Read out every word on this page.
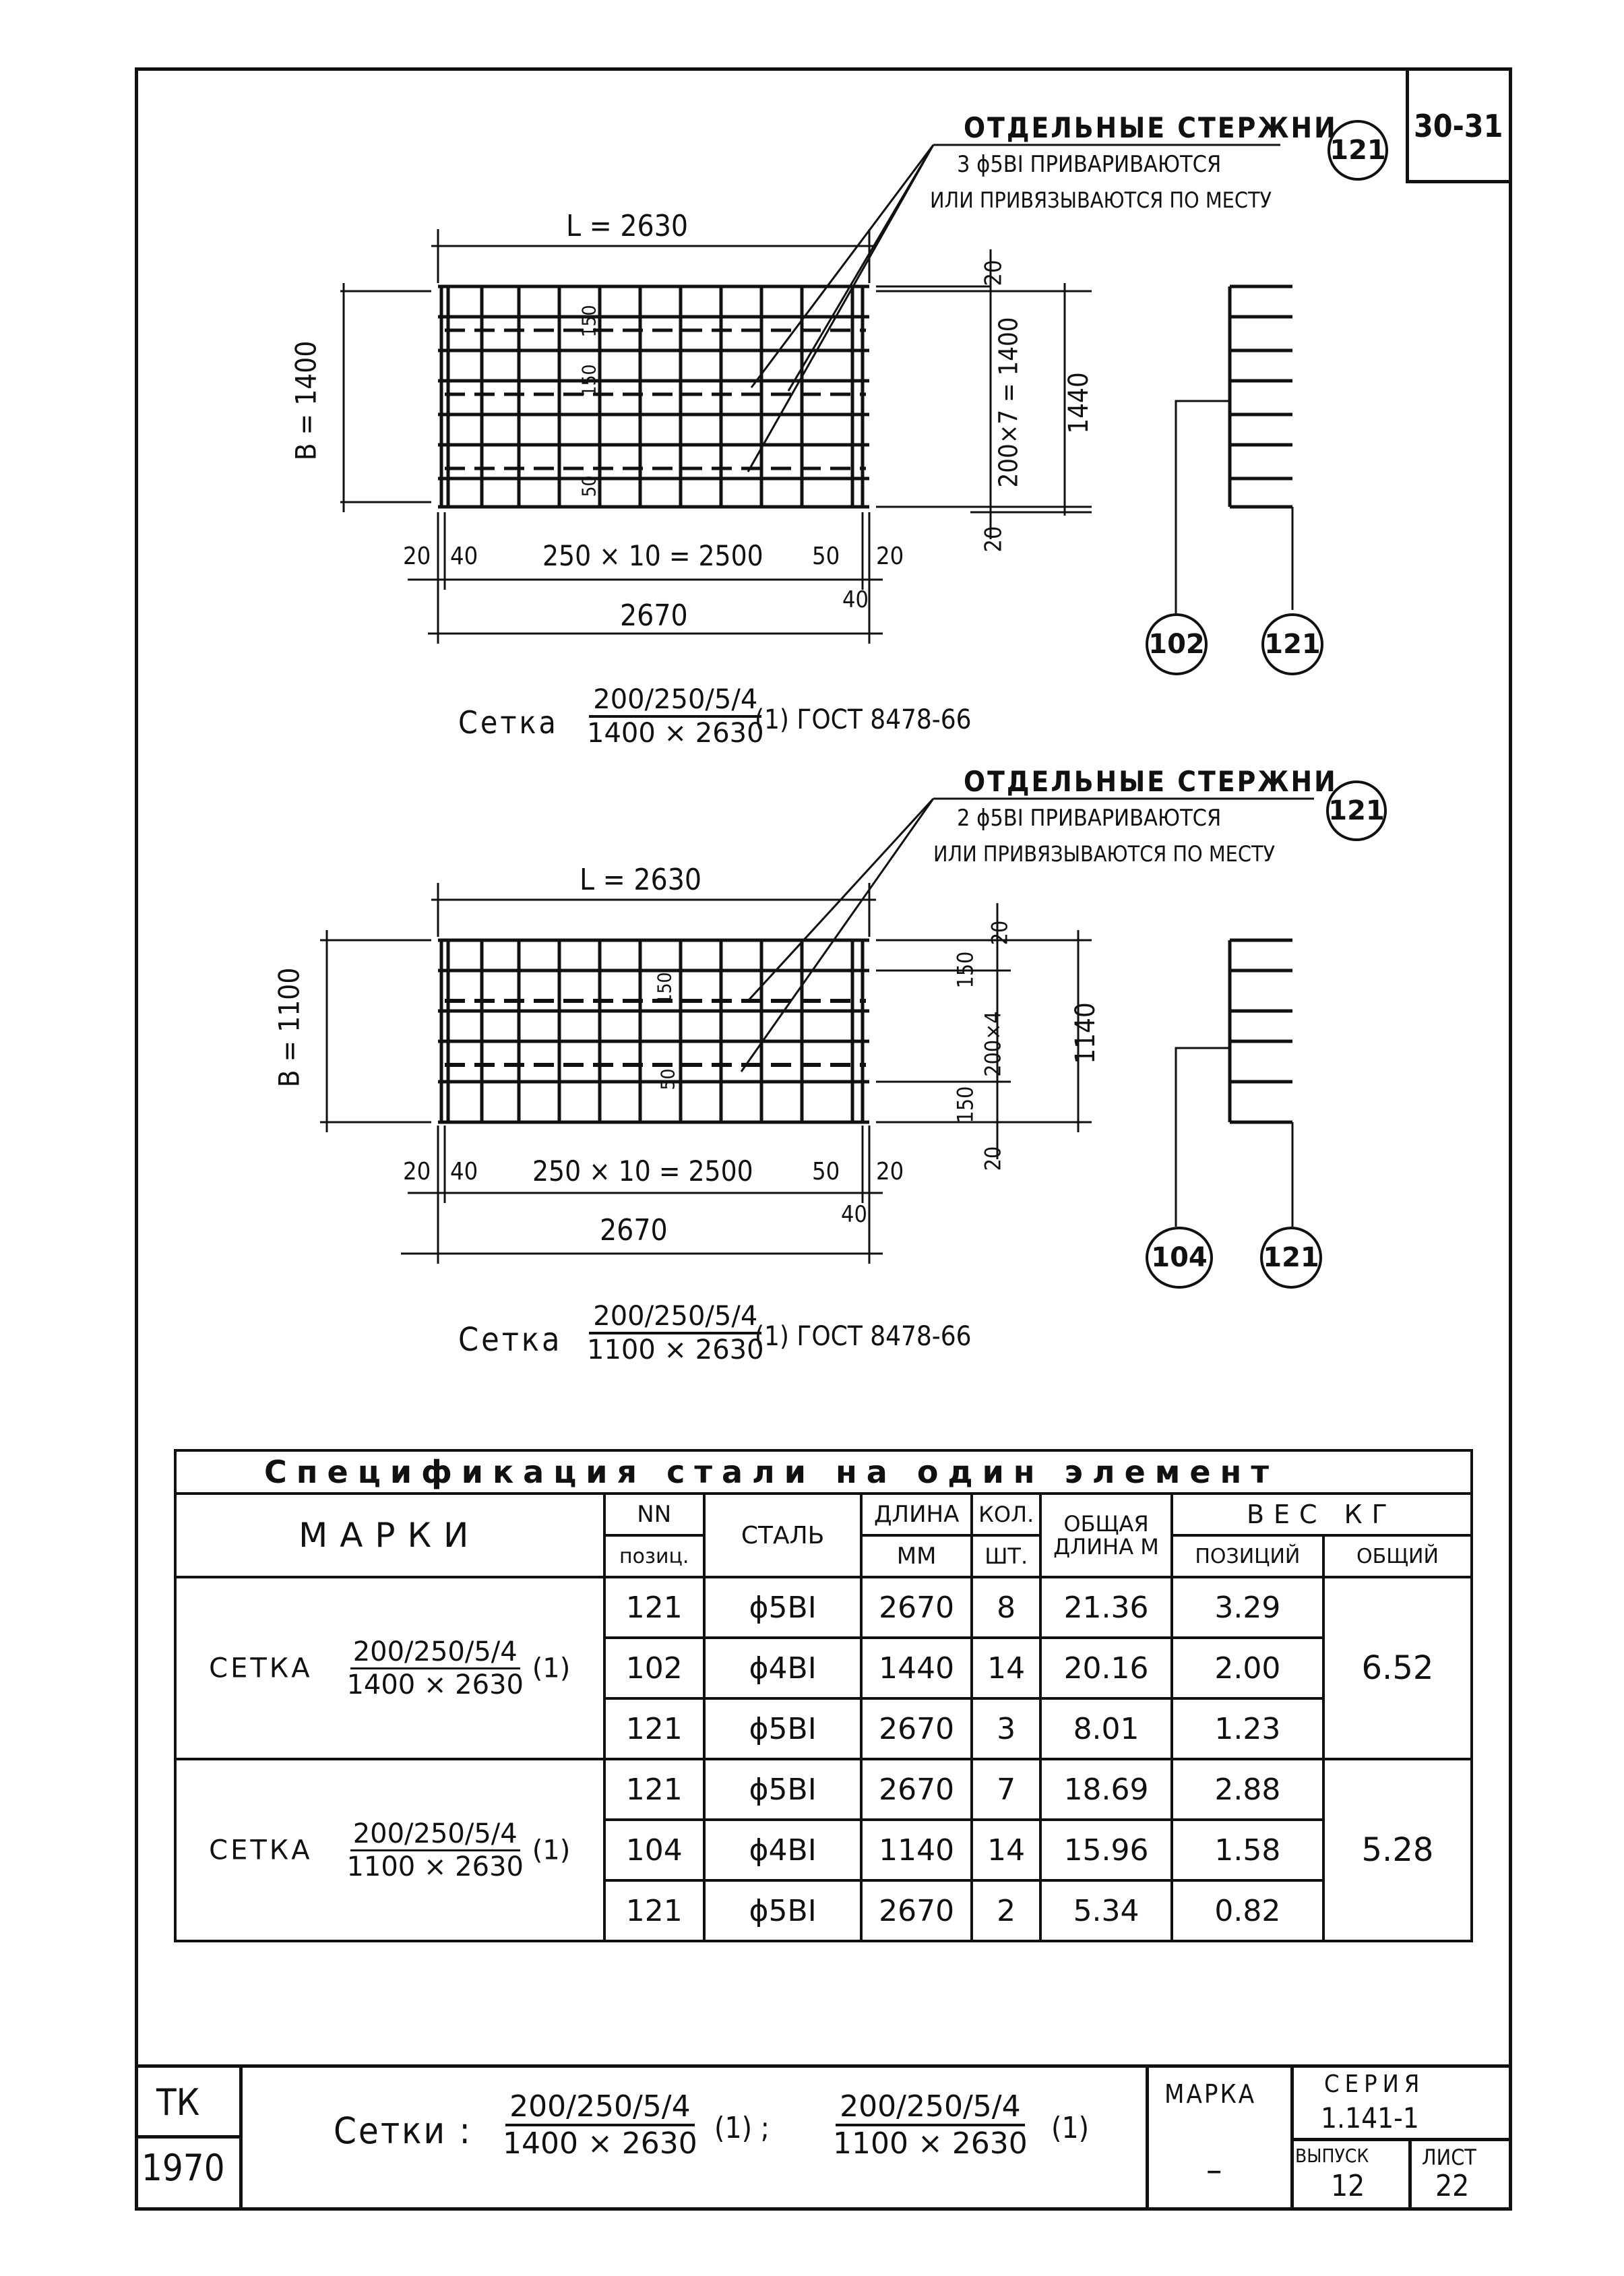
30-31
ОТДЕЛЬНЫЕ СТЕРЖНИ
3 ϕ5ВI ПРИВАРИВАЮТСЯ
ИЛИ ПРИВЯЗЫВАЮТСЯ ПО МЕСТУ
121
L = 2630
B = 1400
20
200×7 = 1400
20
1440
150
150
50
20 40 250 × 10 = 2500 50 20
40
2670
102 121
Сетка $\frac{200/250/5/4}{1400 \times 2630}$
(1) ГОСТ 8478-66
ОТДЕЛЬНЫЕ СТЕРЖНИ
2 ϕ5ВI ПРИВАРИВАЮТСЯ
ИЛИ ПРИВЯЗЫВАЮТСЯ ПО МЕСТУ
121
L = 2630
B = 1100
20
150
200×4
150
20
1140
150
50
20 40 250 × 10 = 2500 50 20
40
2670
104 121
Сетка $\frac{200/250/5/4}{1100 \times 2630}$
(1) ГОСТ 8478-66
Спецификация стали на один элемент							
МАРКИ	NN	СТАЛЬ	ДЛИНА	КОЛ.	ОБЩАЯ ДЛИНА М	ВЕС КГ	
	позиц.		ММ	ШТ.		ПОЗИЦИЙ	ОБЩИЙ
СЕТКА $\frac{200/250/5/4}{1400 \times 2630} (1)$	121	ϕ5ВI	2670	8	21.36	3.29	6.52
	102	ϕ4ВI	1440	14	20.16	2.00	
	121	ϕ5ВI	2670	3	8.01	1.23	
СЕТКА $\frac{200/250/5/4}{1100 \times 2630} (1)$	121	ϕ5ВI	2670	7	18.69	2.88	5.28
	104	ϕ4ВI	1140	14	15.96	1.58	
	121	ϕ5ВI	2670	2	5.34	0.82	
ТК
1970
Сетки : $\frac{200/250/5/4}{1400 \times 2630} (1)$ ; $\frac{200/250/5/4}{1100 \times 2630} (1)$
МАРКА
–
СЕРИЯ
1.141-1
ВЫПУСК
12
ЛИСТ
22
